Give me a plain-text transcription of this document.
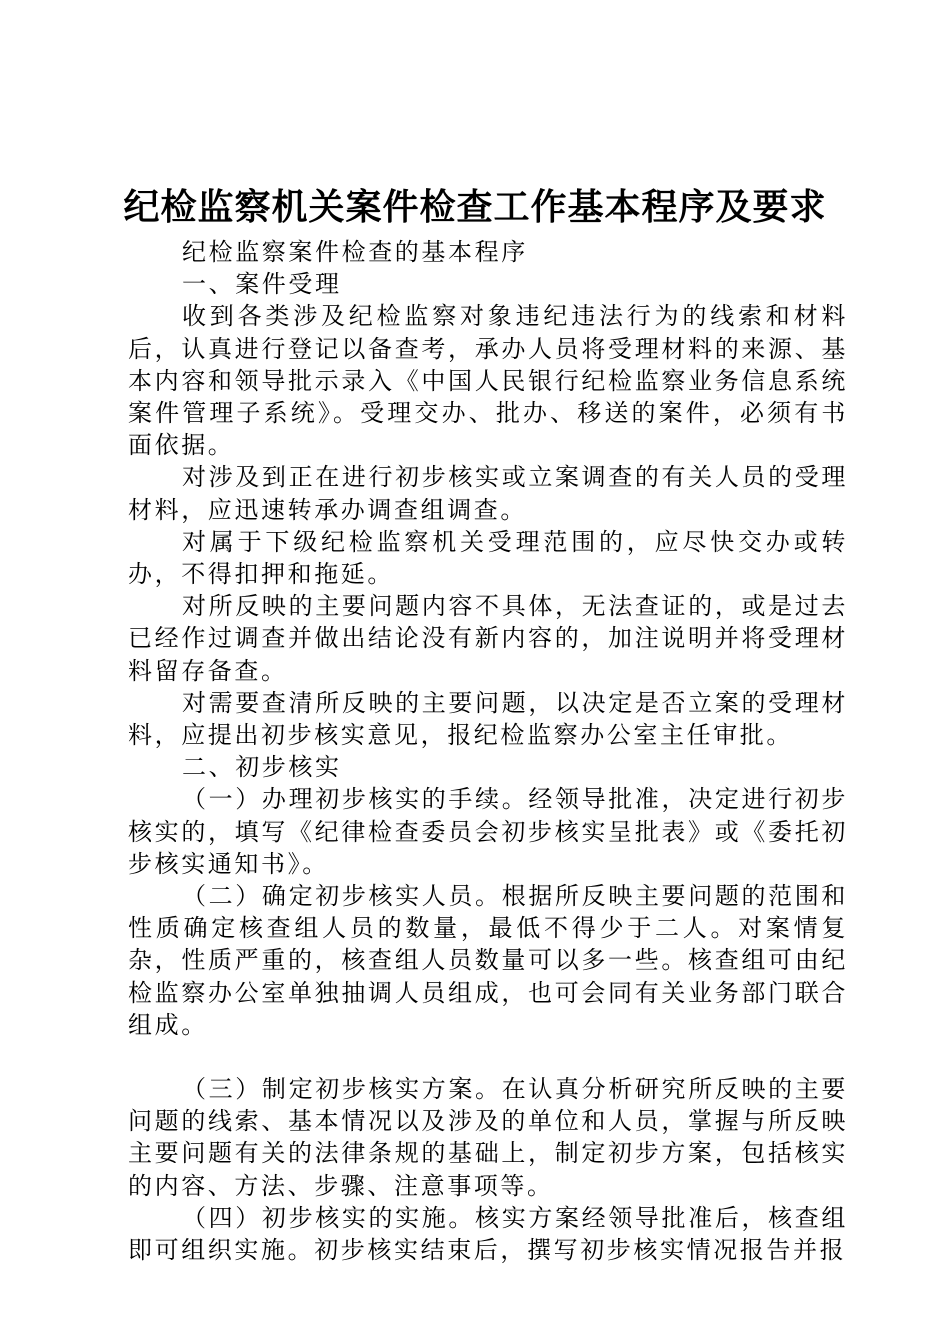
纪检监察机关案件检查工作基本程序及要求

纪检监察案件检查的基本程序

一、案件受理

收到各类涉及纪检监察对象违纪违法行为的线索和材料后，认真进行登记以备查考，承办人员将受理材料的来源、基本内容和领导批示录入《中国人民银行纪检监察业务信息系统案件管理子系统》。受理交办、批办、移送的案件，必须有书面依据。

对涉及到正在进行初步核实或立案调查的有关人员的受理材料，应迅速转承办调查组调查。

对属于下级纪检监察机关受理范围的，应尽快交办或转办，不得扣押和拖延。

对所反映的主要问题内容不具体，无法查证的，或是过去已经作过调查并做出结论没有新内容的，加注说明并将受理材料留存备查。

对需要查清所反映的主要问题，以决定是否立案的受理材料，应提出初步核实意见，报纪检监察办公室主任审批。

二、初步核实

（一）办理初步核实的手续。经领导批准，决定进行初步核实的，填写《纪律检查委员会初步核实呈批表》或《委托初步核实通知书》。

（二）确定初步核实人员。根据所反映主要问题的范围和性质确定核查组人员的数量，最低不得少于二人。对案情复杂，性质严重的，核查组人员数量可以多一些。核查组可由纪检监察办公室单独抽调人员组成，也可会同有关业务部门联合组成。

（三）制定初步核实方案。在认真分析研究所反映的主要问题的线索、基本情况以及涉及的单位和人员，掌握与所反映主要问题有关的法律条规的基础上，制定初步方案，包括核实的内容、方法、步骤、注意事项等。

（四）初步核实的实施。核实方案经领导批准后，核查组即可组织实施。初步核实结束后，撰写初步核实情况报告并报
